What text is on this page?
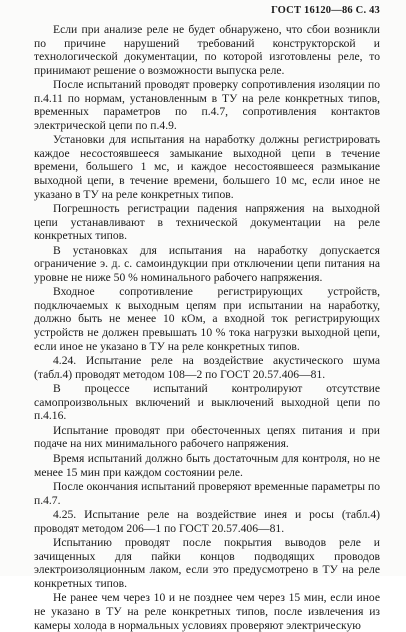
ГОСТ 16120—86 С. 43

Если при анализе реле не будет обнаружено, что сбои возникли по причине нарушений требований конструкторской и технологической документации, по которой изготовлены реле, то принимают решение о возможности выпуска реле.

После испытаний проводят проверку сопротивления изоляции по п.4.11 по нормам, установленным в ТУ на реле конкретных типов, временных параметров по п.4.7, сопротивления контактов электрической цепи по п.4.9.

Установки для испытания на наработку должны регистрировать каждое несостоявшееся замыкание выходной цепи в течение времени, большего 1 мс, и каждое несостоявшееся размыкание выходной цепи, в течение времени, большего 10 мс, если иное не указано в ТУ на реле конкретных типов.

Погрешность регистрации падения напряжения на выходной цепи устанавливают в технической документации на реле конкретных типов.

В установках для испытания на наработку допускается ограничение э. д. с. самоиндукции при отключении цепи питания на уровне не ниже 50 % номинального рабочего напряжения.

Входное сопротивление регистрирующих устройств, подключаемых к выходным цепям при испытании на наработку, должно быть не менее 10 кОм, а входной ток регистрирующих устройств не должен превышать 10 % тока нагрузки выходной цепи, если иное не указано в ТУ на реле конкретных типов.

4.24. Испытание реле на воздействие акустического шума (табл.4) проводят методом 108—2 по ГОСТ 20.57.406—81.

В процессе испытаний контролируют отсутствие самопроизвольных включений и выключений выходной цепи по п.4.16.

Испытание проводят при обесточенных цепях питания и при подаче на них минимального рабочего напряжения.

Время испытаний должно быть достаточным для контроля, но не менее 15 мин при каждом состоянии реле.

После окончания испытаний проверяют временные параметры по п.4.7.

4.25. Испытание реле на воздействие инея и росы (табл.4) проводят методом 206—1 по ГОСТ 20.57.406—81.

Испытанию проводят после покрытия выводов реле и зачищенных для пайки концов подводящих проводов электроизоляционным лаком, если это предусмотрено в ТУ на реле конкретных типов.

Не ранее чем через 10 и не позднее чем через 15 мин, если иное не указано в ТУ на реле конкретных типов, после извлечения из камеры холода в нормальных условиях проверяют электрическую
